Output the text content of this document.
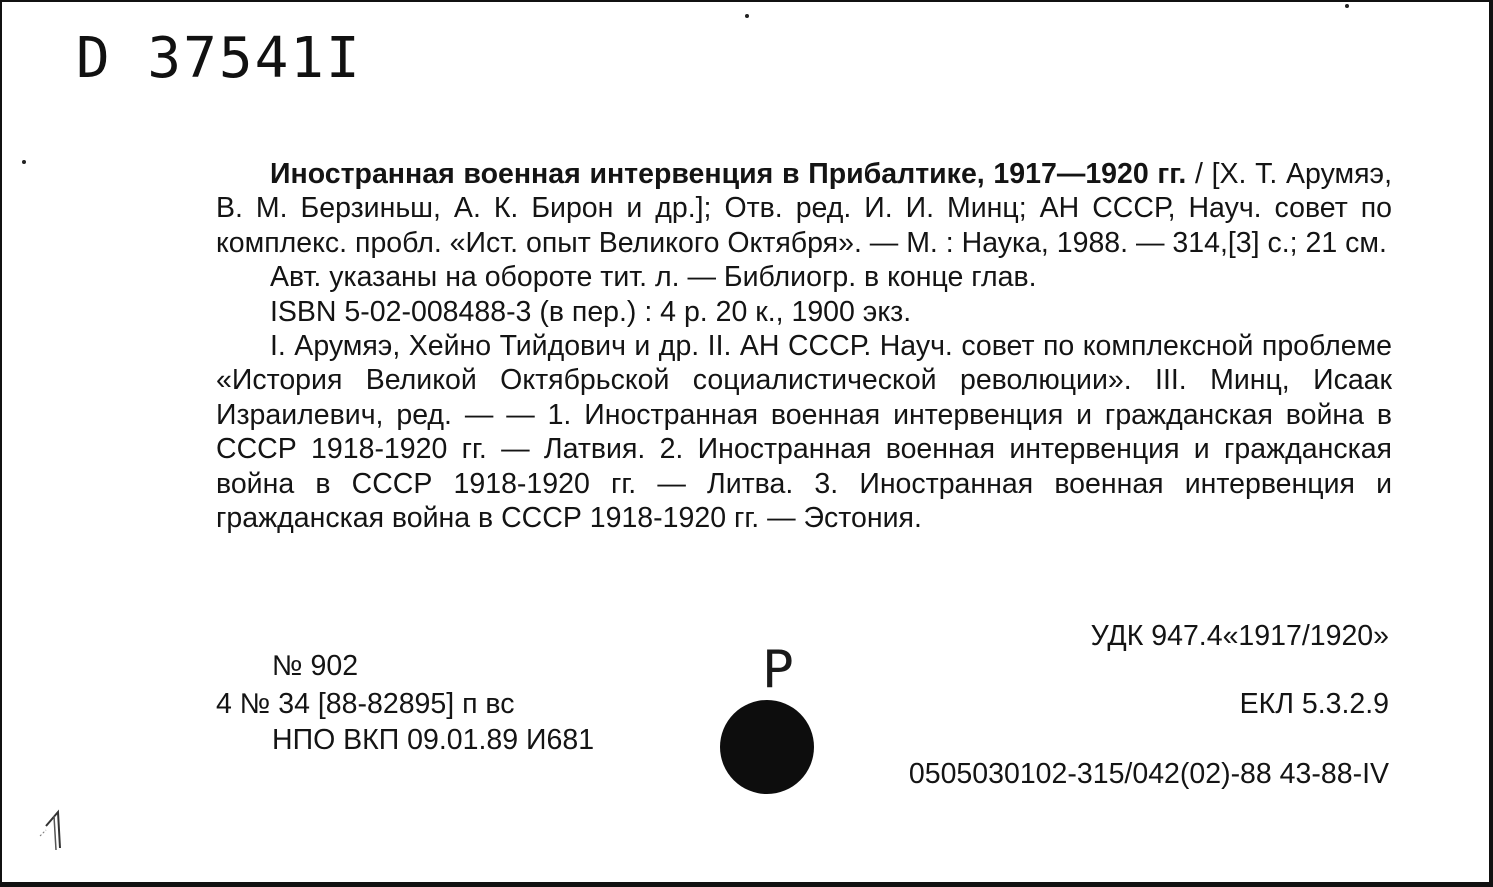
D 37541I

Иностранная военная интервенция в Прибалтике, 1917—1920 гг. / [X. Т. Арумяэ, В. М. Берзиньш, А. К. Бирон и др.]; Отв. ред. И. И. Минц; АН СССР, Науч. совет по комплекс. пробл. «Ист. опыт Великого Октября». — М. : Наука, 1988. — 314,[3] с.; 21 см.

Авт. указаны на обороте тит. л. — Библиогр. в конце глав.

ISBN 5-02-008488-3 (в пер.) : 4 р. 20 к., 1900 экз.

I. Арумяэ, Хейно Тийдович и др. II. АН СССР. Науч. совет по комплексной проблеме «История Великой Октябрьской социалистической революции». III. Минц, Исаак Израилевич, ред. — — 1. Иностранная военная интервенция и гражданская война в СССР 1918-1920 гг. — Латвия. 2. Иностранная военная интервенция и гражданская война в СССР 1918-1920 гг. — Литва. 3. Иностранная военная интервенция и гражданская война в СССР 1918-1920 гг. — Эстония.

УДК 947.4«1917/1920»
№ 902
4 № 34 [88-82895] п вс
НПО ВКП 09.01.89 И681
ЕКЛ 5.3.2.9
0505030102-315/042(02)-88 43-88-IV
P
